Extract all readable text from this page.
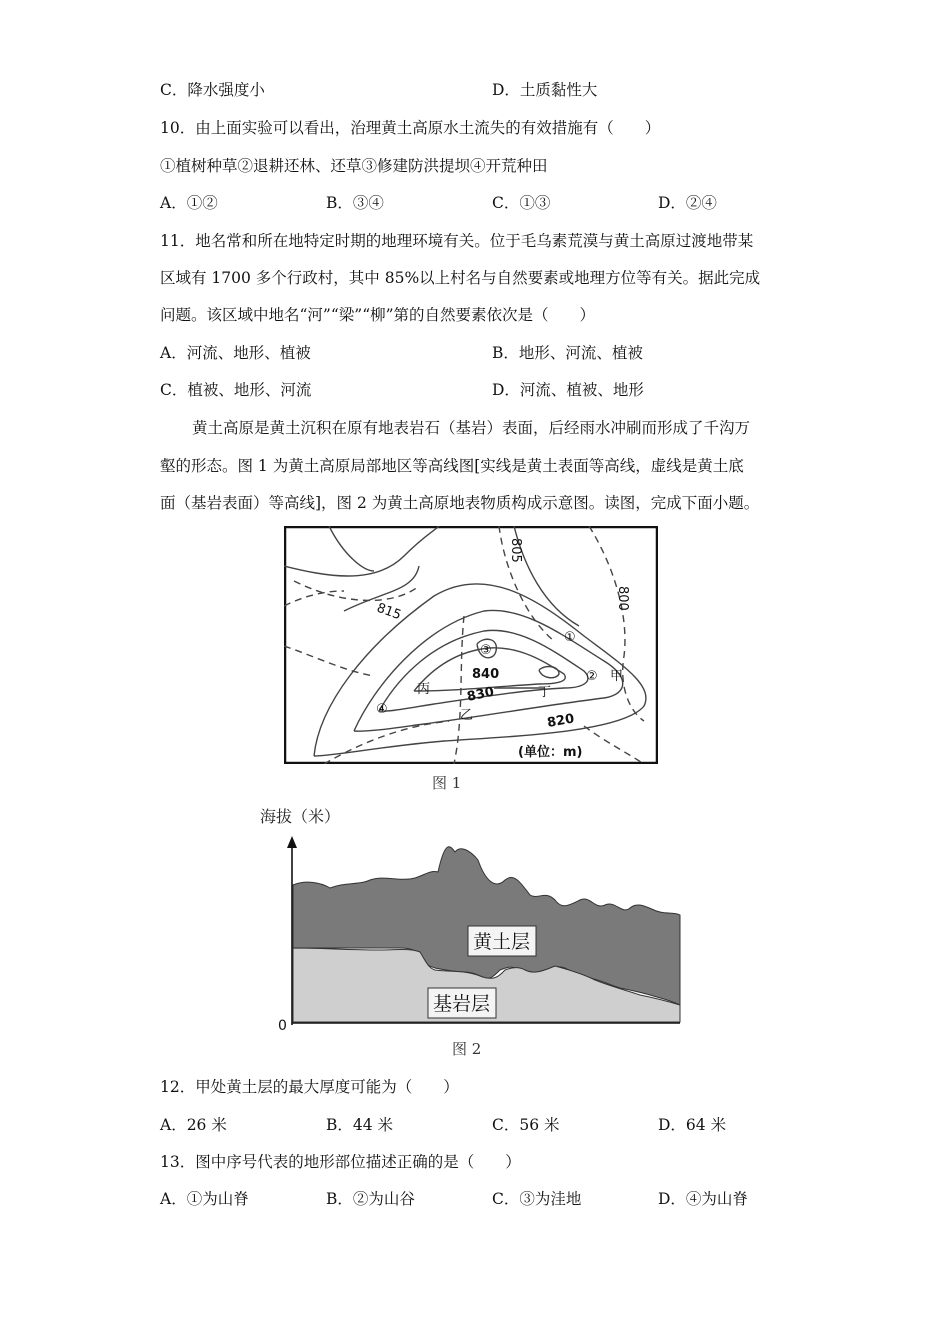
C．降水强度小	D．土质黏性大
10．由上面实验可以看出，治理黄土高原水土流失的有效措施有（　　）
①植树种草②退耕还林、还草③修建防洪提坝④开荒种田
A．①②	B．③④	C．①③	D．②④
11．地名常和所在地特定时期的地理环境有关。位于毛乌素荒漠与黄土高原过渡地带某
区域有 1700 多个行政村，其中 85%以上村名与自然要素或地理方位等有关。据此完成
问题。该区域中地名“河”“梁”“柳”第的自然要素依次是（　　）
A．河流、地形、植被	B．地形、河流、植被
C．植被、地形、河流	D．河流、植被、地形
黄土高原是黄土沉积在原有地表岩石（基岩）表面，后经雨水冲刷而形成了千沟万
壑的形态。图 1 为黄土高原局部地区等高线图[实线是黄土表面等高线，虚线是黄土底
面（基岩表面）等高线]，图 2 为黄土高原地表物质构成示意图。读图，完成下面小题。
805
800
815
840
830
820
①
②
③
④
甲
乙
丙	丁
(单位：m)
图 1
海拔（米）
0
黄土层
基岩层
图 2
12．甲处黄土层的最大厚度可能为（　　）
A．26 米	B．44 米	C．56 米	D．64 米
13．图中序号代表的地形部位描述正确的是（　　）
A．①为山脊	B．②为山谷	C．③为洼地	D．④为山脊
